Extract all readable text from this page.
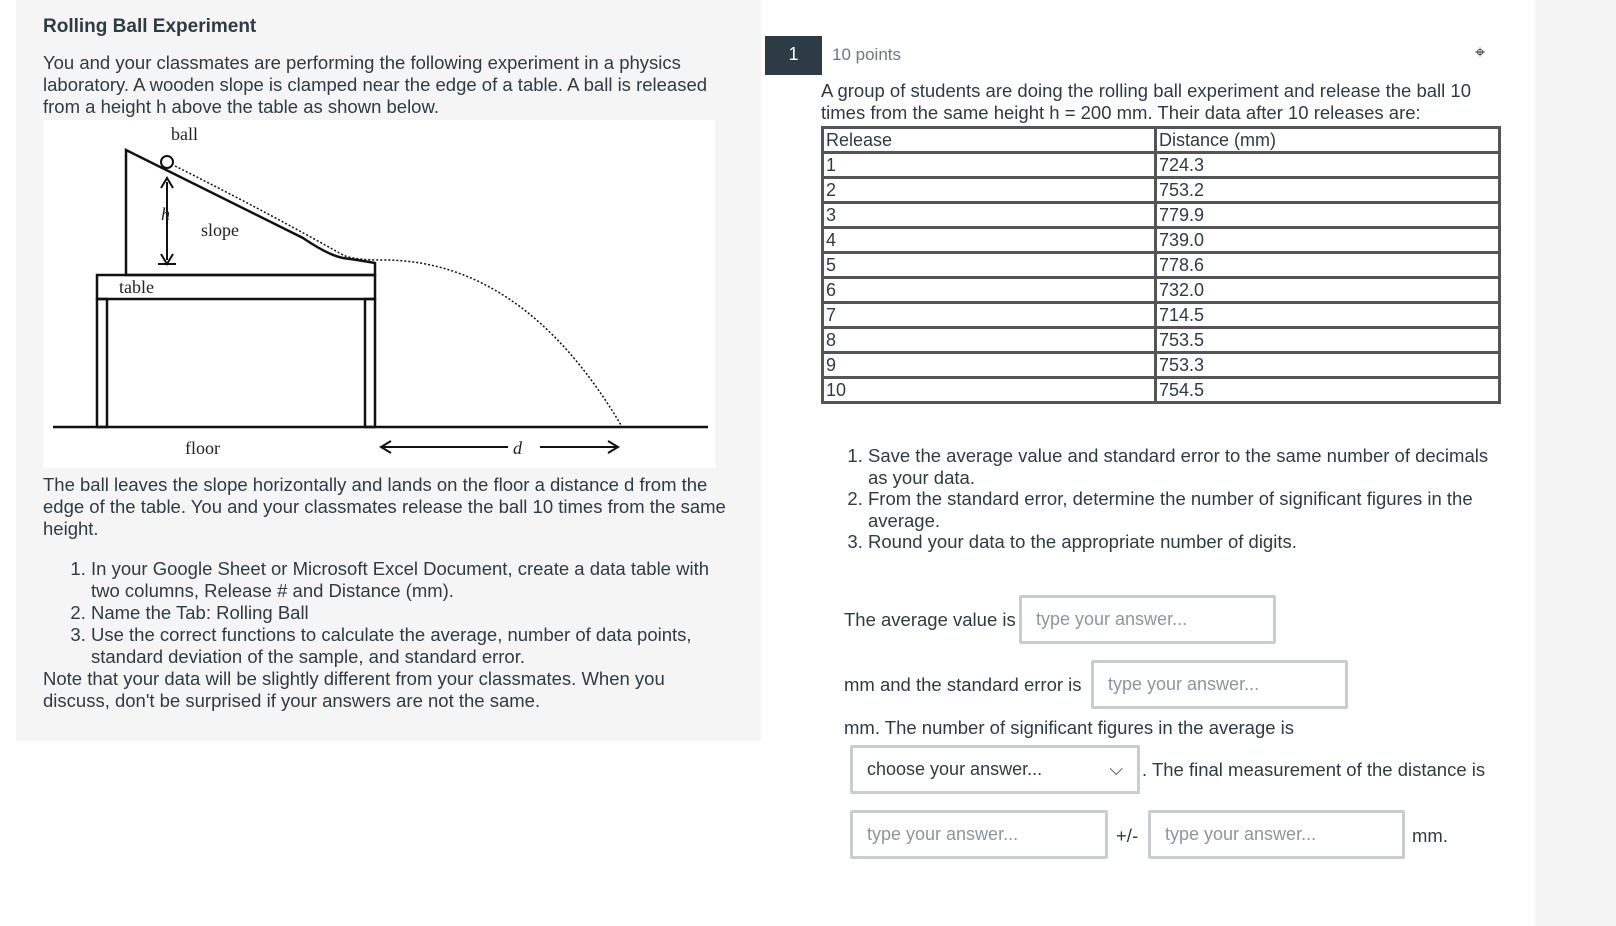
Rolling Ball Experiment

You and your classmates are performing the following experiment in a physics laboratory. A wooden slope is clamped near the edge of a table. A ball is released from a height h above the table as shown below.

ball
h
slope
table
floor	d

The ball leaves the slope horizontally and lands on the floor a distance d from the edge of the table. You and your classmates release the ball 10 times from the same height.

1. In your Google Sheet or Microsoft Excel Document, create a data table with two columns, Release # and Distance (mm).
2. Name the Tab: Rolling Ball
3. Use the correct functions to calculate the average, number of data points, standard deviation of the sample, and standard error.

Note that your data will be slightly different from your classmates. When you discuss, don't be surprised if your answers are not the same.

1	10 points	⌖

A group of students are doing the rolling ball experiment and release the ball 10 times from the same height h = 200 mm. Their data after 10 releases are:

Release	Distance (mm)
1	724.3
2	753.2
3	779.9
4	739.0
5	778.6
6	732.0
7	714.5
8	753.5
9	753.3
10	754.5
1. Save the average value and standard error to the same number of decimals as your data.
2. From the standard error, determine the number of significant figures in the average.
3. Round your data to the appropriate number of digits.
The average value is	type your answer...
mm and the standard error is	type your answer...
mm. The number of significant figures in the average is
choose your answer...	⌵ . The final measurement of the distance is
type your answer...	+/-	type your answer...	mm.
